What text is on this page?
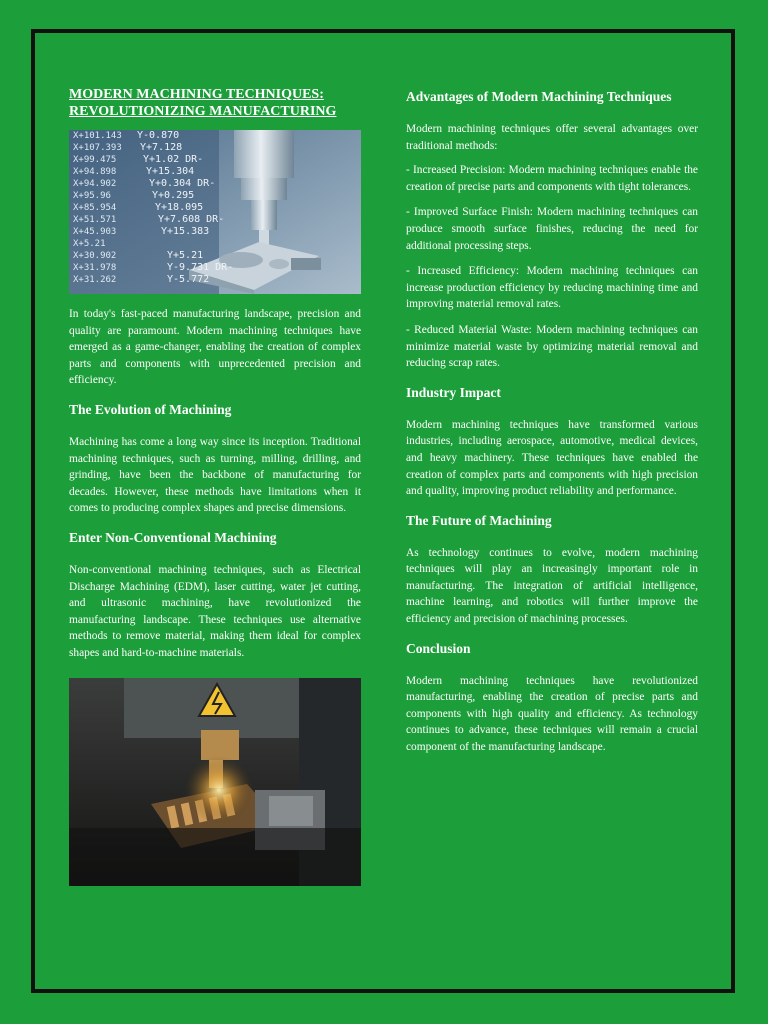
MODERN MACHINING TECHNIQUES: REVOLUTIONIZING MANUFACTURING
X+101.143 Y-0.870
X+107.393 Y+7.128
X+99.475	Y+1.02 DR-
X+94.898	Y+15.304
X+94.902	Y+0.304 DR-
X+95.96	Y+0.295
X+85.954	Y+18.095
X+51.571	Y+7.608 DR-
X+45.903	Y+15.383
X+5.21
X+30.902	Y+5.21
X+31.978	Y-9.731 DR-
X+31.262	Y-5.772

In today's fast-paced manufacturing landscape, precision and quality are paramount. Modern machining techniques have emerged as a game-changer, enabling the creation of complex parts and components with unprecedented precision and efficiency.

The Evolution of Machining

Machining has come a long way since its inception. Traditional machining techniques, such as turning, milling, drilling, and grinding, have been the backbone of manufacturing for decades. However, these methods have limitations when it comes to producing complex shapes and precise dimensions.

Enter Non-Conventional Machining

Non-conventional machining techniques, such as Electrical Discharge Machining (EDM), laser cutting, water jet cutting, and ultrasonic machining, have revolutionized the manufacturing landscape. These techniques use alternative methods to remove material, making them ideal for complex shapes and hard-to-machine materials.

Advantages of Modern Machining Techniques

Modern machining techniques offer several advantages over traditional methods:

- Increased Precision: Modern machining techniques enable the creation of precise parts and components with tight tolerances.

- Improved Surface Finish: Modern machining techniques can produce smooth surface finishes, reducing the need for additional processing steps.

- Increased Efficiency: Modern machining techniques can increase production efficiency by reducing machining time and improving material removal rates.

- Reduced Material Waste: Modern machining techniques can minimize material waste by optimizing material removal and reducing scrap rates.

Industry Impact

Modern machining techniques have transformed various industries, including aerospace, automotive, medical devices, and heavy machinery. These techniques have enabled the creation of complex parts and components with high precision and quality, improving product reliability and performance.

The Future of Machining

As technology continues to evolve, modern machining techniques will play an increasingly important role in manufacturing. The integration of artificial intelligence, machine learning, and robotics will further improve the efficiency and precision of machining processes.

Conclusion

Modern machining techniques have revolutionized manufacturing, enabling the creation of precise parts and components with high quality and efficiency. As technology continues to advance, these techniques will remain a crucial component of the manufacturing landscape.
